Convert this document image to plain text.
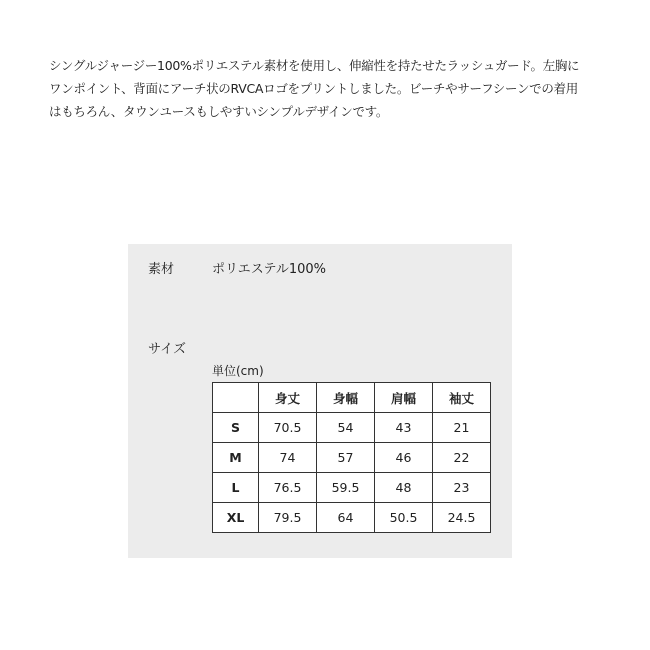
シングルジャージー100%ポリエステル素材を使用し、伸縮性を持たせたラッシュガード。左胸に
ワンポイント、背面にアーチ状のRVCAロゴをプリントしました。ビーチやサーフシーンでの着用
はもちろん、タウンユースもしやすいシンプルデザインです。
素材	ポリエステル100%
サイズ
単位(cm)
	身丈	身幅	肩幅	袖丈
S	70.5	54	43	21
M	74	57	46	22
L	76.5	59.5	48	23
XL	79.5	64	50.5	24.5
